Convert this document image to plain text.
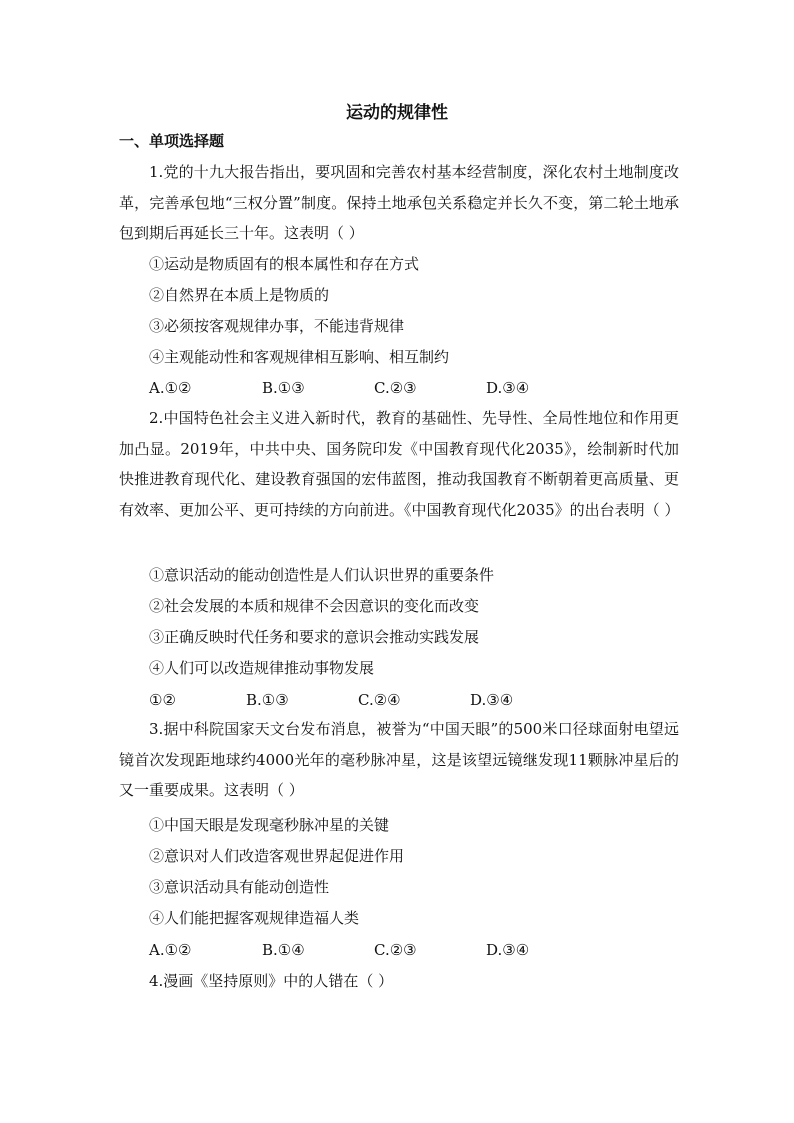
运动的规律性
一、单项选择题
1.党的十九大报告指出，要巩固和完善农村基本经营制度，深化农村土地制度改革，完善承包地“三权分置”制度。保持土地承包关系稳定并长久不变，第二轮土地承包到期后再延长三十年。这表明（ ）
①运动是物质固有的根本属性和存在方式
②自然界在本质上是物质的
③必须按客观规律办事，不能违背规律
④主观能动性和客观规律相互影响、相互制约
A.①②	B.①③	C.②③	D.③④
2.中国特色社会主义进入新时代，教育的基础性、先导性、全局性地位和作用更加凸显。2019年，中共中央、国务院印发《中国教育现代化2035》，绘制新时代加快推进教育现代化、建设教育强国的宏伟蓝图，推动我国教育不断朝着更高质量、更有效率、更加公平、更可持续的方向前进。《中国教育现代化2035》的出台表明（ ）
①意识活动的能动创造性是人们认识世界的重要条件
②社会发展的本质和规律不会因意识的变化而改变
③正确反映时代任务和要求的意识会推动实践发展
④人们可以改造规律推动事物发展
①②	B.①③	C.②④	D.③④
3.据中科院国家天文台发布消息，被誉为“中国天眼”的500米口径球面射电望远镜首次发现距地球约4000光年的毫秒脉冲星，这是该望远镜继发现11颗脉冲星后的又一重要成果。这表明（ ）
①中国天眼是发现毫秒脉冲星的关键
②意识对人们改造客观世界起促进作用
③意识活动具有能动创造性
④人们能把握客观规律造福人类
A.①②	B.①④	C.②③	D.③④
4.漫画《坚持原则》中的人错在（ ）
